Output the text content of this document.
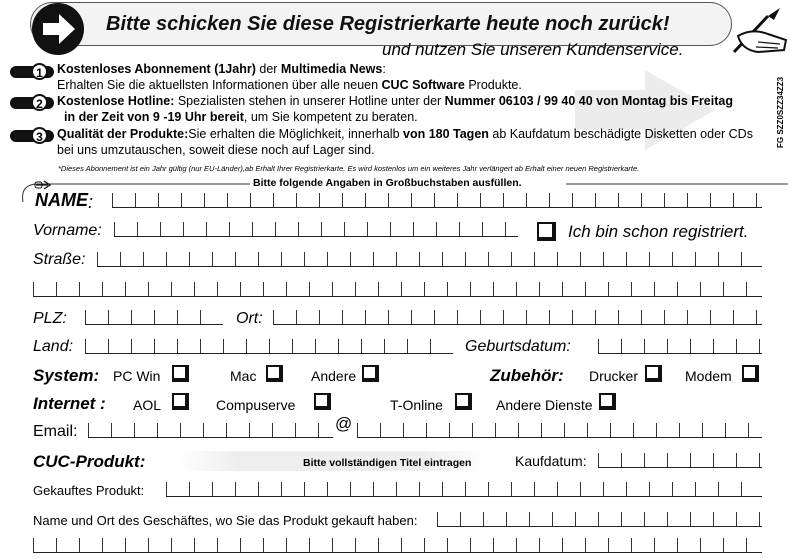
Bitte schicken Sie diese Registrierkarte heute noch zurück!
und nutzen Sie unseren Kundenservice.
1	Kostenloses Abonnement (1Jahr) der Multimedia News:
Erhalten Sie die aktuellsten Informationen über alle neuen CUC Software Produkte.
2	Kostenlose Hotline: Spezialisten stehen in unserer Hotline unter der Nummer 06103 / 99 40 40 von Montag bis Freitag
in der Zeit von 9 -19 Uhr bereit, um Sie kompetent zu beraten.
3	Qualität der Produkte:Sie erhalten die Möglichkeit, innerhalb von 180 Tagen ab Kaufdatum beschädigte Disketten oder CDs
bei uns umzutauschen, soweit diese noch auf Lager sind.
*Dieses Abonnement ist ein Jahr gültig (nur EU-Länder),ab Erhalt Ihrer Registrierkarte. Es wird kostenlos um ein weiteres Jahr verlängert ab Erhalt einer neuen Registrierkarte.
FG SZZ0SZZ34ZZ3
Bitte folgende Angaben in Großbuchstaben ausfüllen.
NAME :
Vorname:	Ich bin schon registriert.
Straße:
PLZ:	Ort:
Land:	Geburtsdatum:
System: PC Win	Mac	Andere	Zubehör: Drucker	Modem
Internet : AOL	Compuserve	T-Online	Andere Dienste
Email:	@
CUC-Produkt:	Bitte vollständigen Titel eintragen	Kaufdatum:
Gekauftes Produkt:
Name und Ort des Geschäftes, wo Sie das Produkt gekauft haben:
